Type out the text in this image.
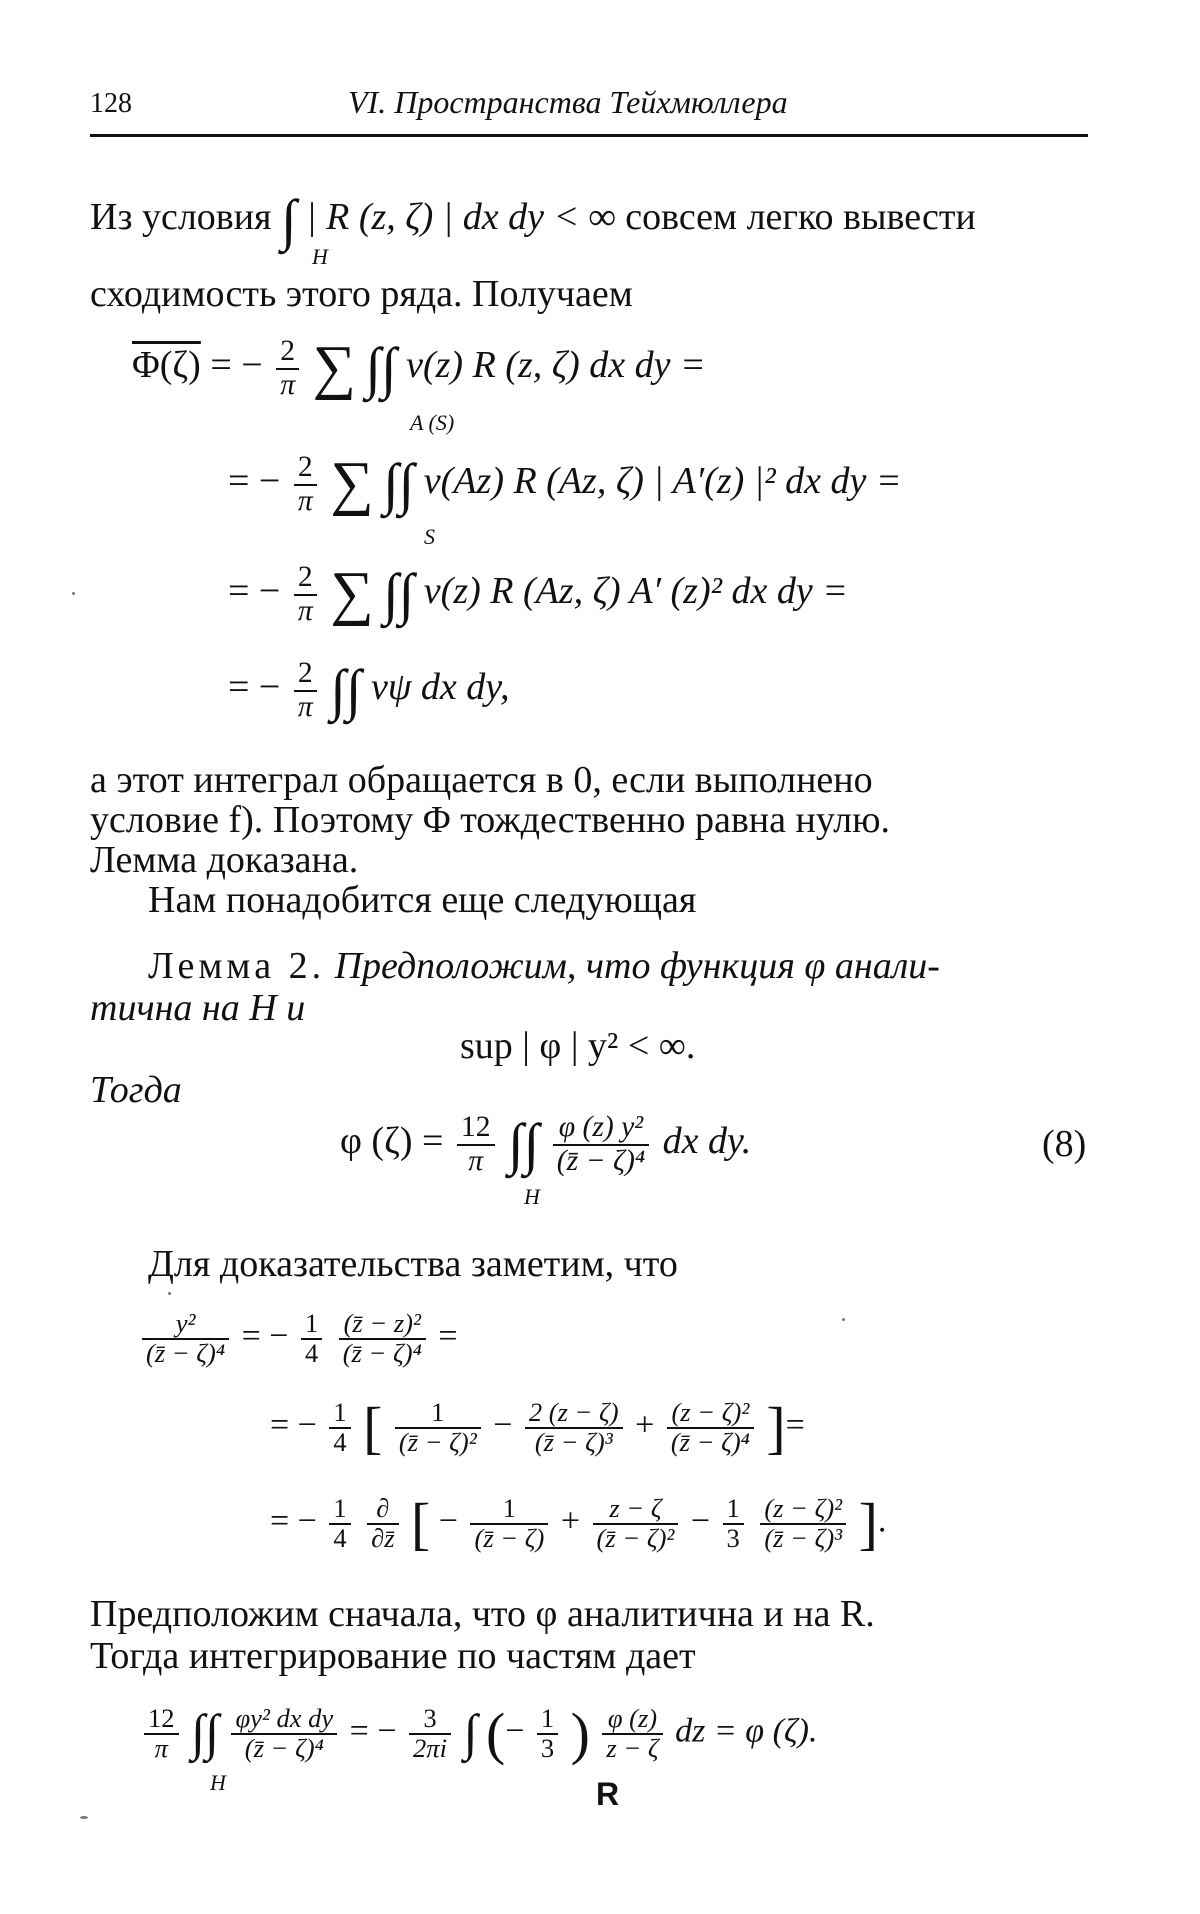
128	VI. Пространства Тейхмюллера
Из условия ∫ | R (z, ζ) | dx dy < ∞ совсем легко вывести
H
сходимость этого ряда. Получаем
Φ(ζ) = − $\frac{2}{\pi}$ ∑ ∫∫ v(z) R (z, ζ) dx dy =
A (S)
= − $\frac{2}{\pi}$ ∑ ∫∫ v(Az) R (Az, ζ) | A′(z) |² dx dy =
S
= − $\frac{2}{\pi}$ ∑ ∫∫ v(z) R (Az, ζ) A′ (z)² dx dy =
= − $\frac{2}{\pi}$ ∫∫ vψ dx dy,
а этот интеграл обращается в 0, если выполнено
условие f). Поэтому Φ тождественно равна нулю.
Лемма доказана.
Нам понадобится еще следующая
Лемма 2. Предположим, что функция φ анали-
тична на H и
sup | φ | y² < ∞.
Тогда
φ $(\zeta) = \frac{12}{\pi}$ ∫∫ $\frac{\text{φ (z) y²}}{\text{(z̄ − ζ)⁴}}$ dx dy.
H
(8)
Для доказательства заметим, что
$\frac{\text{y²}}{\text{(z̄ − ζ)⁴}}$ = − $\frac{1}{4}$
$\frac{\text{(z̄ − z)²}}{\text{(z̄ − ζ)⁴}}$ =
= − $\frac{1}{4}$ [ $\frac{1}{\text{(z̄ − ζ)²}} - \frac{2 (z - \zeta)}{\text{(z̄ − ζ)³}} + \frac{\text{(z − ζ)²}}{\text{(z̄ − ζ)⁴}}$ ]=
= − $\frac{1}{4}$
$\frac{\partial}{\partial z̄}$ [ − $\frac{1}{(z̄ - \zeta)} + \frac{z - \zeta}{\text{(z̄ − ζ)²}} - \frac{1}{3}$
$\frac{\text{(z − ζ)²}}{\text{(z̄ − ζ)³}}$ ].
Предположим сначала, что φ аналитична и на R.
Тогда интегрирование по частям дает
$\frac{12}{\pi}$ ∫∫ $\frac{\text{φy² dx dy}}{\text{(z̄ − ζ)⁴}}$ = − $\frac{3}{2\pi i}$ ∫ (− $\frac{1}{3}$ ) $\frac{\varphi (z)}{z - \zeta}$ dz = φ (ζ).
H	R
